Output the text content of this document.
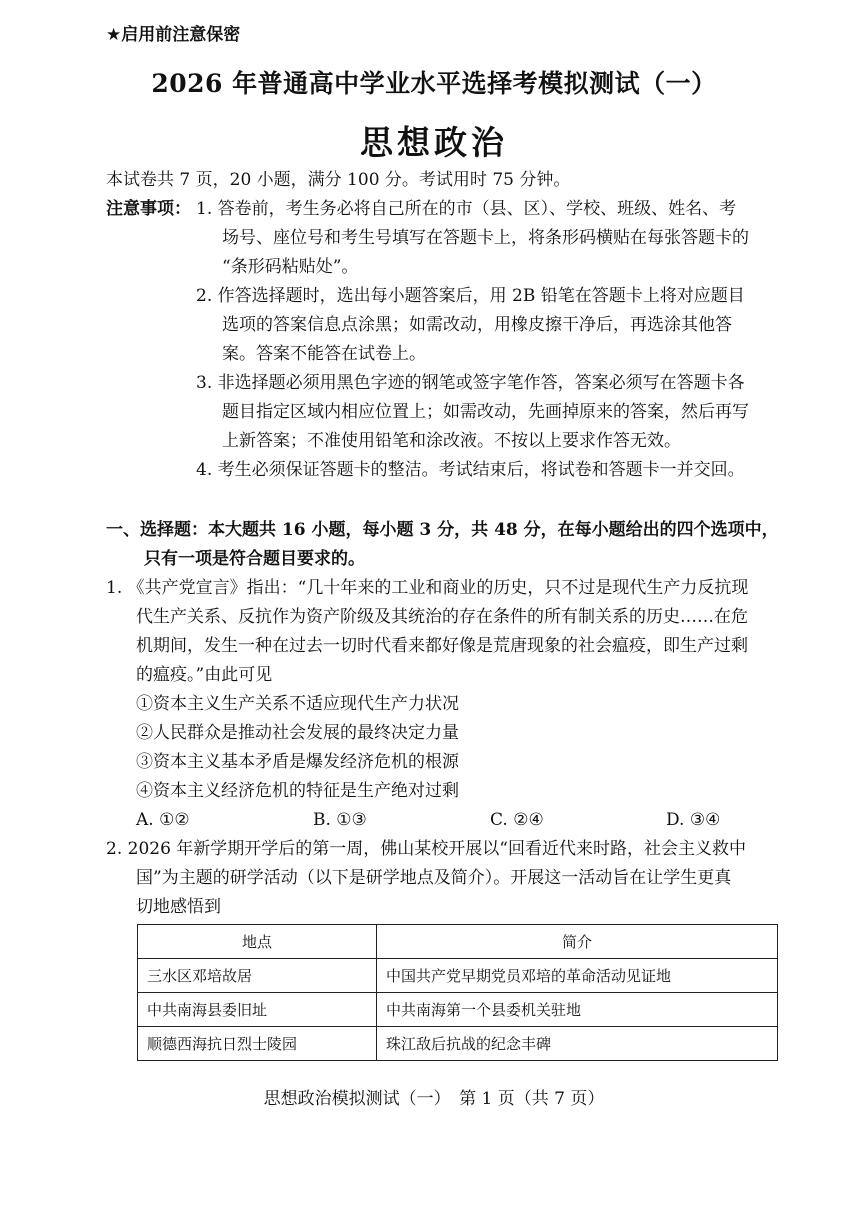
★启用前注意保密
2026 年普通高中学业水平选择考模拟测试（一）
思想政治
本试卷共 7 页，20 小题，满分 100 分。考试用时 75 分钟。
注意事项： 1. 答卷前，考生务必将自己所在的市（县、区）、学校、班级、姓名、考
场号、座位号和考生号填写在答题卡上，将条形码横贴在每张答题卡的
“条形码粘贴处”。
2. 作答选择题时，选出每小题答案后，用 2B 铅笔在答题卡上将对应题目
选项的答案信息点涂黑；如需改动，用橡皮擦干净后，再选涂其他答
案。答案不能答在试卷上。
3. 非选择题必须用黑色字迹的钢笔或签字笔作答，答案必须写在答题卡各
题目指定区域内相应位置上；如需改动，先画掉原来的答案，然后再写
上新答案；不准使用铅笔和涂改液。不按以上要求作答无效。
4. 考生必须保证答题卡的整洁。考试结束后，将试卷和答题卡一并交回。
一、选择题：本大题共 16 小题，每小题 3 分，共 48 分，在每小题给出的四个选项中，
只有一项是符合题目要求的。
1. 《共产党宣言》指出：“几十年来的工业和商业的历史，只不过是现代生产力反抗现
代生产关系、反抗作为资产阶级及其统治的存在条件的所有制关系的历史……在危
机期间，发生一种在过去一切时代看来都好像是荒唐现象的社会瘟疫，即生产过剩
的瘟疫。”由此可见
①资本主义生产关系不适应现代生产力状况
②人民群众是推动社会发展的最终决定力量
③资本主义基本矛盾是爆发经济危机的根源
④资本主义经济危机的特征是生产绝对过剩
A. ①②	B. ①③	C. ②④	D. ③④
2. 2026 年新学期开学后的第一周，佛山某校开展以“回看近代来时路，社会主义救中
国”为主题的研学活动（以下是研学地点及简介）。开展这一活动旨在让学生更真
切地感悟到
地点	简介
三水区邓培故居	中国共产党早期党员邓培的革命活动见证地
中共南海县委旧址	中共南海第一个县委机关驻地
顺德西海抗日烈士陵园	珠江敌后抗战的纪念丰碑
思想政治模拟测试（一）　第 1 页（共 7 页）
